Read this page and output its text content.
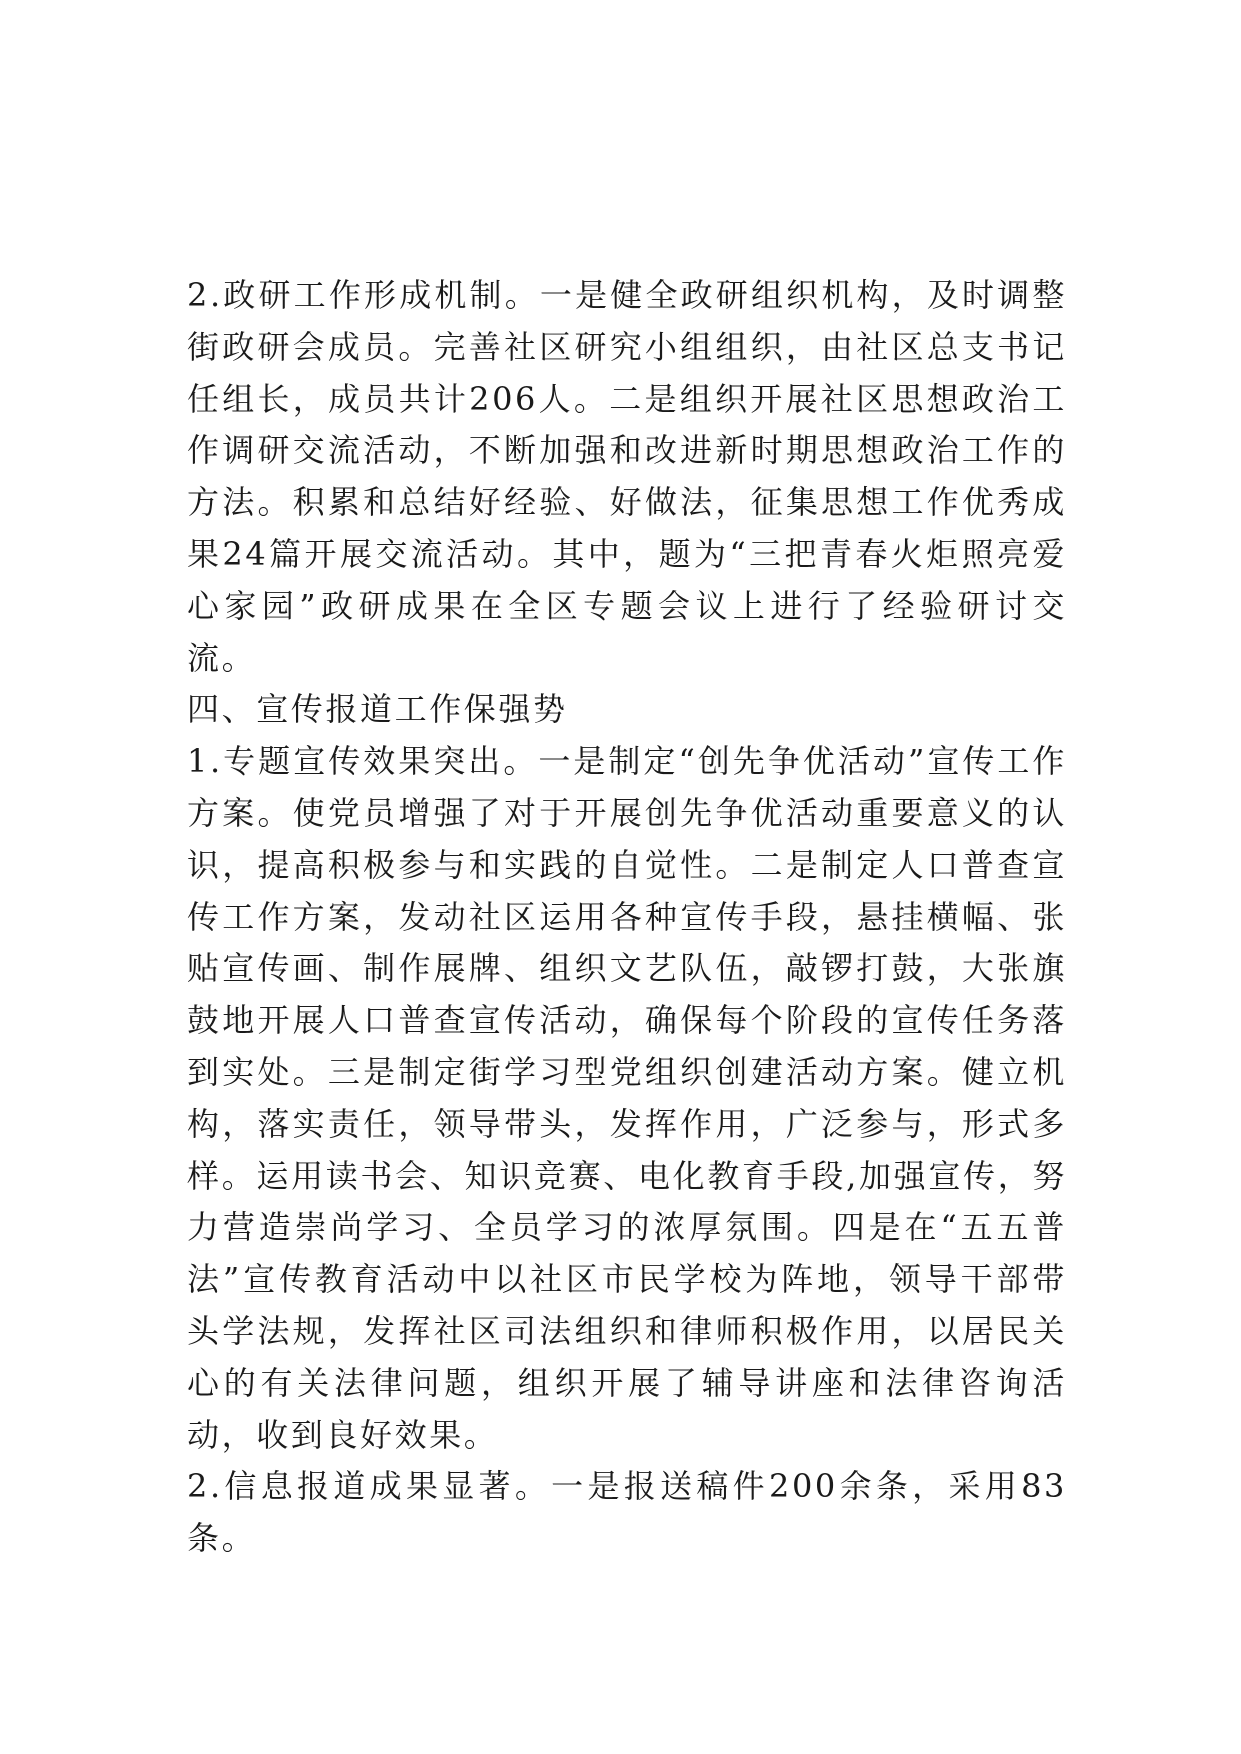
2.政研工作形成机制。一是健全政研组织机构，及时调整街政研会成员。完善社区研究小组组织，由社区总支书记任组长，成员共计206人。二是组织开展社区思想政治工作调研交流活动，不断加强和改进新时期思想政治工作的方法。积累和总结好经验、好做法，征集思想工作优秀成果24篇开展交流活动。其中，题为“三把青春火炬照亮爱心家园”政研成果在全区专题会议上进行了经验研讨交流。

四、宣传报道工作保强势

1.专题宣传效果突出。一是制定“创先争优活动”宣传工作方案。使党员增强了对于开展创先争优活动重要意义的认识，提高积极参与和实践的自觉性。二是制定人口普查宣传工作方案，发动社区运用各种宣传手段，悬挂横幅、张贴宣传画、制作展牌、组织文艺队伍，敲锣打鼓，大张旗鼓地开展人口普查宣传活动，确保每个阶段的宣传任务落到实处。三是制定街学习型党组织创建活动方案。健立机构，落实责任，领导带头，发挥作用，广泛参与，形式多样。运用读书会、知识竞赛、电化教育手段,加强宣传，努力营造崇尚学习、全员学习的浓厚氛围。四是在“五五普法”宣传教育活动中以社区市民学校为阵地，领导干部带头学法规，发挥社区司法组织和律师积极作用，以居民关心的有关法律问题，组织开展了辅导讲座和法律咨询活动，收到良好效果。

2.信息报道成果显著。一是报送稿件200余条，采用83条。
